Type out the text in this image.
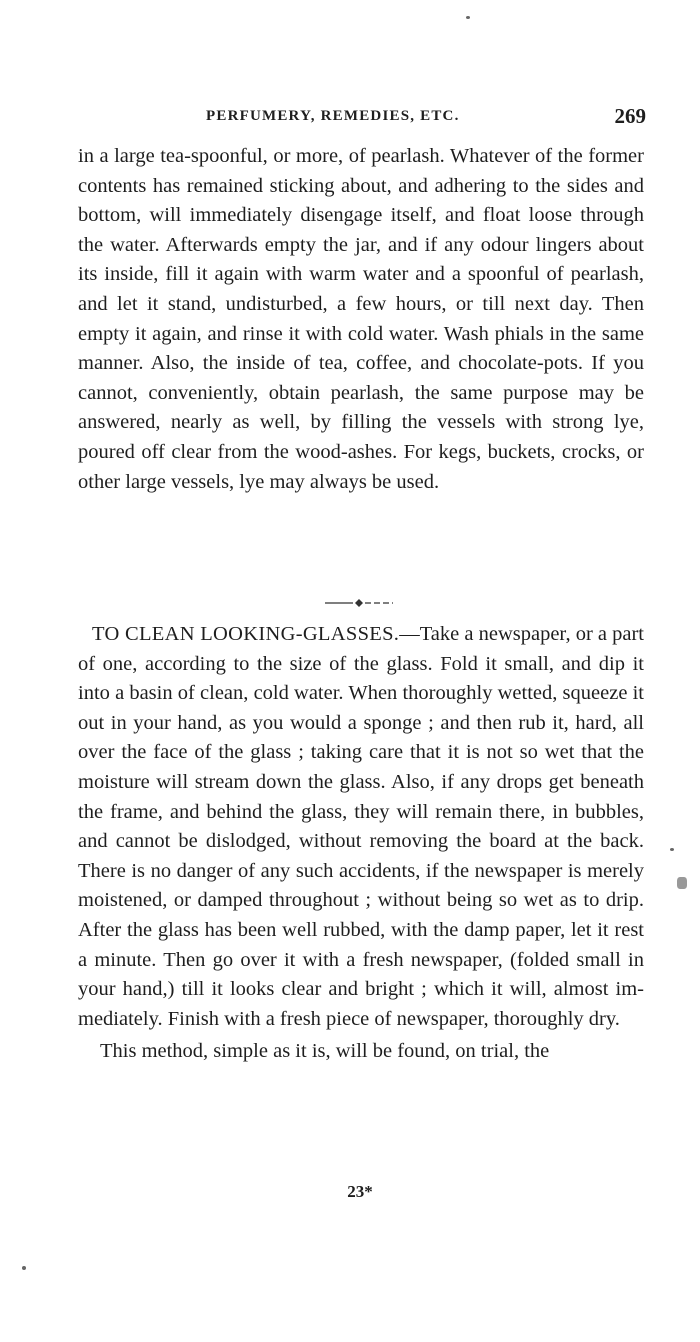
PERFUMERY, REMEDIES, ETC.	269

in a large tea-spoonful, or more, of pearlash. Whatever of the former contents has remained sticking about, and adhering to the sides and bottom, will immediately disengage itself, and float loose through the water. Afterwards empty the jar, and if any odour lingers about its inside, fill it again with warm water and a spoonful of pearlash, and let it stand, undisturbed, a few hours, or till next day. Then empty it again, and rinse it with cold water. Wash phials in the same manner. Also, the inside of tea, coffee, and chocolate-pots. If you cannot, conveniently, obtain pearlash, the same purpose may be answered, nearly as well, by filling the vessels with strong lye, poured off clear from the wood-ashes. For kegs, buckets, crocks, or other large vessels, lye may always be used.

TO CLEAN LOOKING-GLASSES.—Take a newspaper, or a part of one, according to the size of the glass. Fold it small, and dip it into a basin of clean, cold water. When thoroughly wetted, squeeze it out in your hand, as you would a sponge ; and then rub it, hard, all over the face of the glass ; taking care that it is not so wet that the moisture will stream down the glass. Also, if any drops get beneath the frame, and behind the glass, they will remain there, in bubbles, and cannot be dislodged, without removing the board at the back. There is no danger of any such accidents, if the newspaper is merely moistened, or damped throughout ; without being so wet as to drip. After the glass has been well rubbed, with the damp paper, let it rest a minute. Then go over it with a fresh newspaper, (folded small in your hand,) till it looks clear and bright ; which it will, almost immediately. Finish with a fresh piece of newspaper, thoroughly dry.

This method, simple as it is, will be found, on trial, the

23*
